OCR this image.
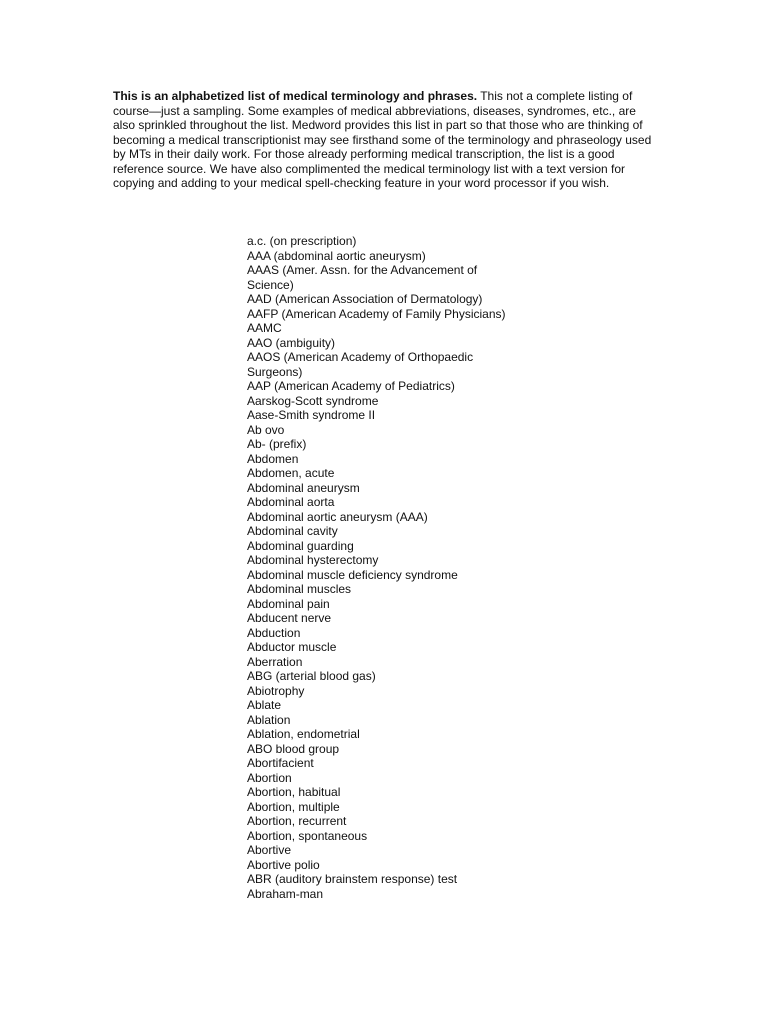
This is an alphabetized list of medical terminology and phrases. This not a complete listing of course—just a sampling. Some examples of medical abbreviations, diseases, syndromes, etc., are also sprinkled throughout the list. Medword provides this list in part so that those who are thinking of becoming a medical transcriptionist may see firsthand some of the terminology and phraseology used by MTs in their daily work. For those already performing medical transcription, the list is a good reference source. We have also complimented the medical terminology list with a text version for copying and adding to your medical spell-checking feature in your word processor if you wish.

a.c. (on prescription)
AAA (abdominal aortic aneurysm)
AAAS (Amer. Assn. for the Advancement of
Science)
AAD (American Association of Dermatology)
AAFP (American Academy of Family Physicians)
AAMC
AAO (ambiguity)
AAOS (American Academy of Orthopaedic
Surgeons)
AAP (American Academy of Pediatrics)
Aarskog-Scott syndrome
Aase-Smith syndrome II
Ab ovo
Ab- (prefix)
Abdomen
Abdomen, acute
Abdominal aneurysm
Abdominal aorta
Abdominal aortic aneurysm (AAA)
Abdominal cavity
Abdominal guarding
Abdominal hysterectomy
Abdominal muscle deficiency syndrome
Abdominal muscles
Abdominal pain
Abducent nerve
Abduction
Abductor muscle
Aberration
ABG (arterial blood gas)
Abiotrophy
Ablate
Ablation
Ablation, endometrial
ABO blood group
Abortifacient
Abortion
Abortion, habitual
Abortion, multiple
Abortion, recurrent
Abortion, spontaneous
Abortive
Abortive polio
ABR (auditory brainstem response) test
Abraham-man
